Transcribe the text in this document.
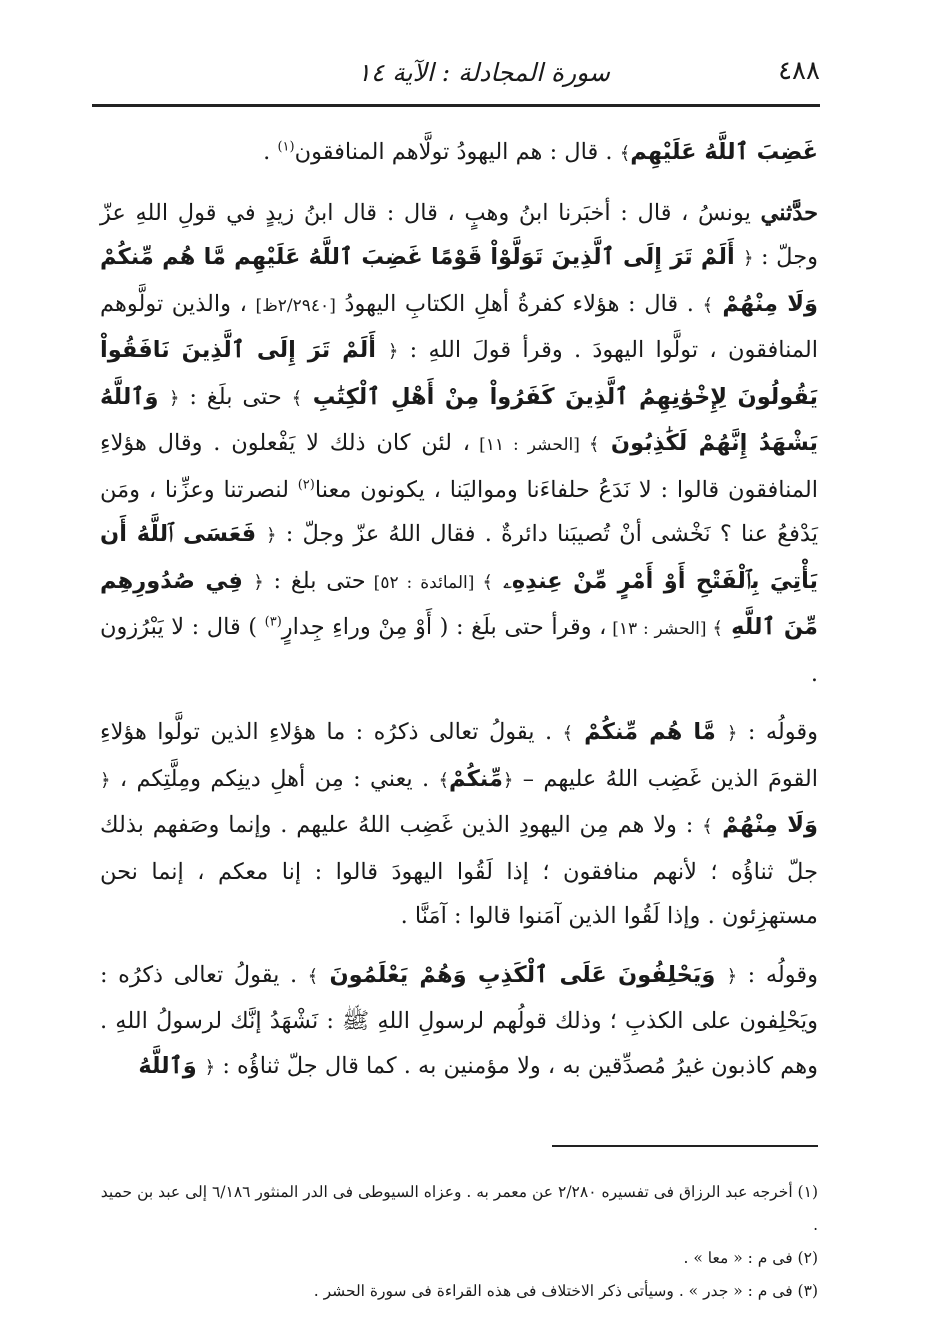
٤٨٨
سورة المجادلة : الآية ١٤

غَضِبَ ٱللَّهُ عَلَيْهِم﴾ . قال : هم اليهودُ تولَّاهم المنافقون$^{(١)}$ .

حدَّثني يونسُ ، قال : أخبَرنا ابنُ وهبٍ ، قال : قال ابنُ زيدٍ في قولِ اللهِ عزّ وجلّ : ﴿ أَلَمْ تَرَ إِلَى ٱلَّذِينَ تَوَلَّوْاْ قَوْمًا غَضِبَ ٱللَّهُ عَلَيْهِم مَّا هُم مِّنكُمْ وَلَا مِنْهُمْ ﴾ . قال : هؤلاء كفرةُ أهلِ الكتابِ اليهودُ [٢/٢٩٤٠ظ] ، والذين تولَّوهم المنافقون ، تولَّوا اليهودَ . وقرأ قولَ اللهِ : ﴿ أَلَمْ تَرَ إِلَى ٱلَّذِينَ نَافَقُواْ يَقُولُونَ لِإِخْوَٰنِهِمُ ٱلَّذِينَ كَفَرُواْ مِنْ أَهْلِ ٱلْكِتَٰبِ ﴾ حتى بلَغ : ﴿ وَٱللَّهُ يَشْهَدُ إِنَّهُمْ لَكَٰذِبُونَ ﴾ [الحشر : ١١] ، لئن كان ذلك لا يَفْعلون . وقال هؤلاءِ المنافقون قالوا : لا نَدَعُ حلفاءَنا ومواليَنا ، يكونون معنا$^{(٢)}$ لنصرتنا وعزِّنا ، ومَن يَدْفعُ عنا ؟ نَخْشى أنْ تُصيبَنا دائرةٌ . فقال اللهُ عزّ وجلّ : ﴿ فَعَسَى ٱللَّهُ أَن يَأْتِيَ بِٱلْفَتْحِ أَوْ أَمْرٍ مِّنْ عِندِهِۦ ﴾ [المائدة : ٥٢] حتى بلغ : ﴿ فِي صُدُورِهِم مِّنَ ٱللَّهِ ﴾ [الحشر : ١٣] ، وقرأ حتى بلَغ : ( أَوْ مِنْ وراءِ جِدارٍ$^{(٣)}$ ) قال : لا يَبْرُزون .

وقولُه : ﴿ مَّا هُم مِّنكُمْ ﴾ . يقولُ تعالى ذكرُه : ما هؤلاءِ الذين تولَّوا هؤلاءِ القومَ الذين غَضِب اللهُ عليهم – ﴿مِّنكُمْ﴾ . يعني : مِن أهلِ دينِكم ومِلَّتِكم ، ﴿ وَلَا مِنْهُمْ ﴾ : ولا هم مِن اليهودِ الذين غَضِب اللهُ عليهم . وإنما وصَفهم بذلك جلّ ثناؤُه ؛ لأنهم منافقون ؛ إذا لَقُوا اليهودَ قالوا : إنا معكم ، إنما نحن مستهزِئون . وإذا لَقُوا الذين آمَنوا قالوا : آمَنَّا .

وقولُه : ﴿ وَيَحْلِفُونَ عَلَى ٱلْكَذِبِ وَهُمْ يَعْلَمُونَ ﴾ . يقولُ تعالى ذكرُه : ويَحْلِفون على الكذبِ ؛ وذلك قولُهم لرسولِ اللهِ ﷺ : نَشْهَدُ إنَّك لرسولُ اللهِ . وهم كاذبون غيرُ مُصدِّقين به ، ولا مؤمنين به . كما قال جلّ ثناؤُه : ﴿ وَٱللَّهُ

(١) أخرجه عبد الرزاق فى تفسيره ٢/٢٨٠ عن معمر به . وعزاه السيوطى فى الدر المنثور ٦/١٨٦ إلى عبد بن حميد .

(٢) فى م : « معا » .

(٣) فى م : « جدر » . وسيأتى ذكر الاختلاف فى هذه القراءة فى سورة الحشر .
